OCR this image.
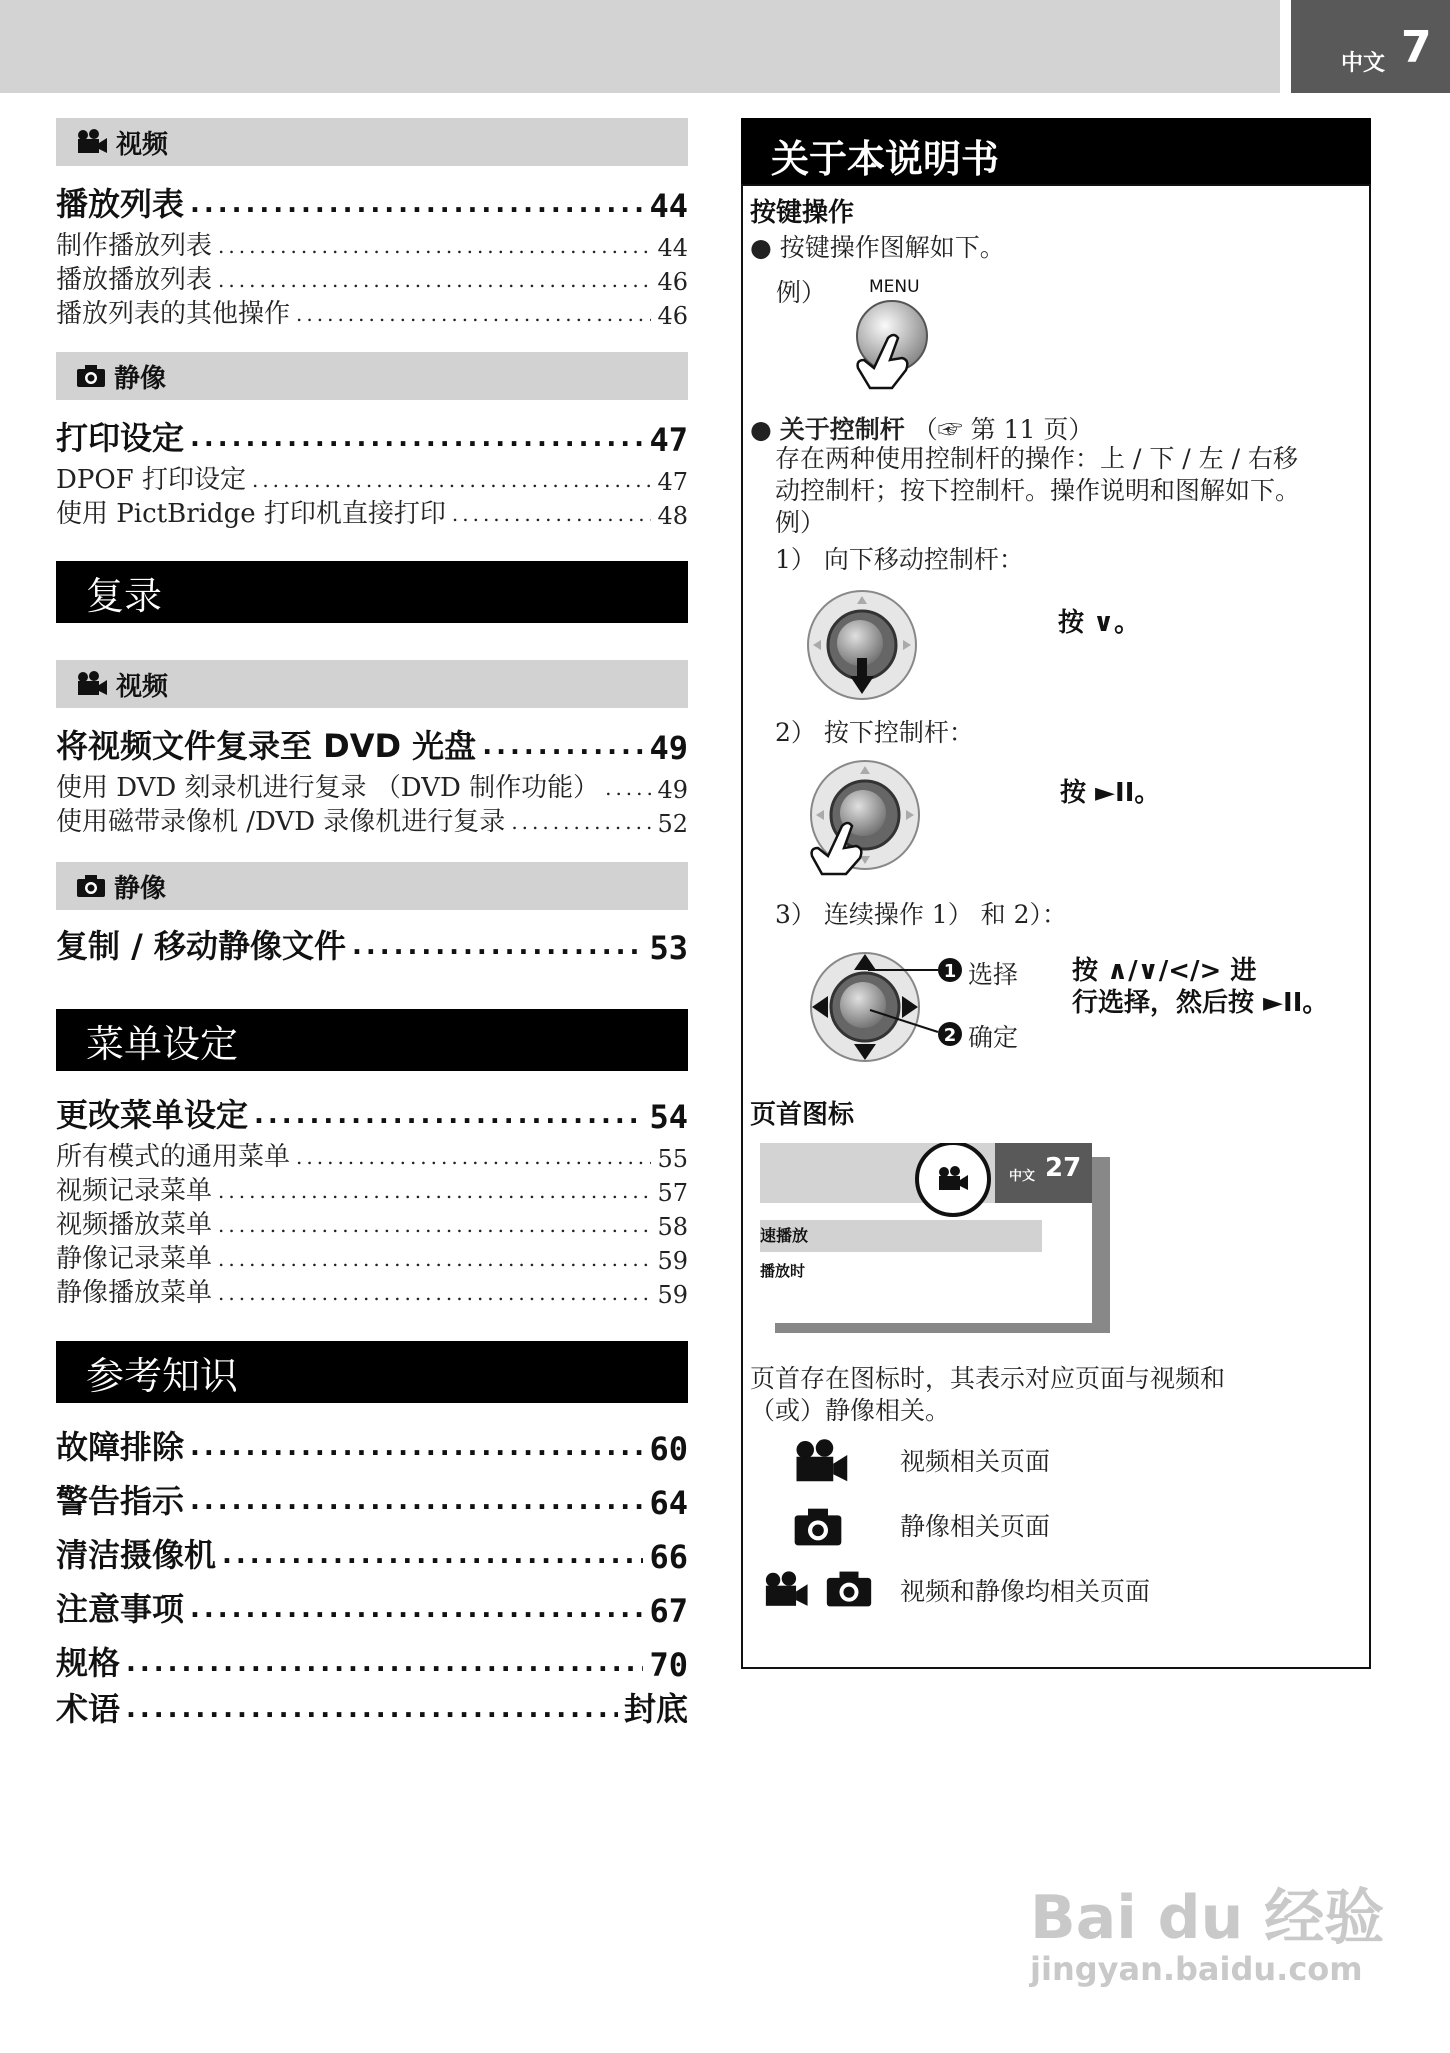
中文 7
视频
静像
复录
视频
静像
菜单设定
参考知识
播放列表 .....	44
制作播放列表 .....	44
播放播放列表 .....	46
播放列表的其他操作 .....	46
打印设定 .....	47
DPOF 打印设定 .....	47
使用 PictBridge 打印机直接打印 .....	48
将视频文件复录至 DVD 光盘 .....	49
使用 DVD 刻录机进行复录 （DVD 制作功能） ..... 49
使用磁带录像机 /DVD 录像机进行复录 .....	52
复制 / 移动静像文件 .....	53
更改菜单设定 .....	54
所有模式的通用菜单 .....	55
视频记录菜单 .....	57
视频播放菜单 .....	58
静像记录菜单 .....	59
静像播放菜单 .....	59
故障排除 .....	60
警告指示 .....	64
清洁摄像机 .....	66
注意事项 .....	67
规格 .....	70
术语 .....	封底
关于本说明书
按键操作
● 按键操作图解如下。
例）	MENU
● 关于控制杆 （☞ 第 11 页）
存在两种使用控制杆的操作：上 / 下 / 左 / 右移
动控制杆；按下控制杆。操作说明和图解如下。
例）
1） 向下移动控制杆：
按 ∨。
2） 按下控制杆：
按 ►II。
3） 连续操作 1） 和 2）：
1
2
选择
确定
按 ∧/∨/</> 进
行选择，然后按 ►II。
页首图标
中文 27
速播放
播放时
页首存在图标时，其表示对应页面与视频和
（或）静像相关。
视频相关页面
静像相关页面
视频和静像均相关页面
Bai du 经验
jingyan.baidu.com
